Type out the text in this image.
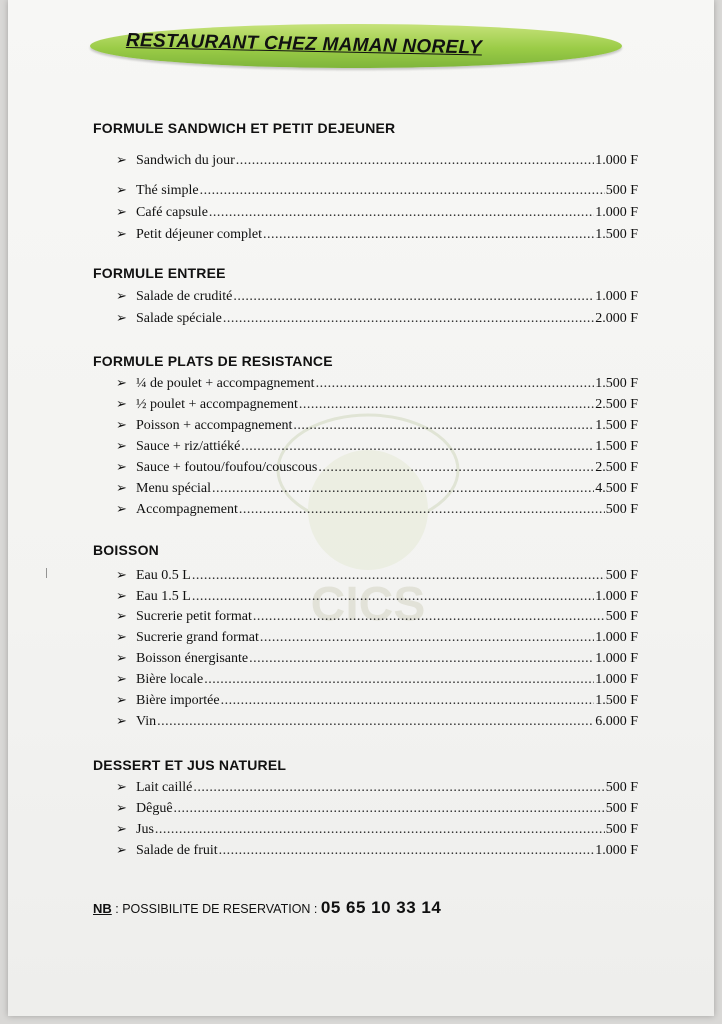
RESTAURANT CHEZ MAMAN NORELY
CICS
FORMULE SANDWICH ET PETIT DEJEUNER
➢ Sandwich du jour .....	1.000 F
➢ Thé simple .....	500 F
➢ Café capsule .....	1.000 F
➢ Petit déjeuner complet .....	1.500 F
FORMULE ENTREE
➢ Salade de crudité .....	1.000 F
➢ Salade spéciale .....	2.000 F
FORMULE PLATS DE RESISTANCE
➢ ¼ de poulet + accompagnement .....	1.500 F
➢ ½ poulet + accompagnement .....	2.500 F
➢ Poisson + accompagnement .....	1.500 F
➢ Sauce + riz/attiéké .....	1.500 F
➢ Sauce + foutou/foufou/couscous .....	2.500 F
➢ Menu spécial .....	4.500 F
➢ Accompagnement .....	500 F
BOISSON
➢ Eau 0.5 L .....	500 F
➢ Eau 1.5 L .....	1.000 F
➢ Sucrerie petit format .....	500 F
➢ Sucrerie grand format .....	1.000 F
➢ Boisson énergisante .....	1.000 F
➢ Bière locale .....	1.000 F
➢ Bière importée .....	1.500 F
➢ Vin .....	6.000 F
DESSERT ET JUS NATUREL
➢ Lait caillé .....	500 F
➢ Dêguê .....	500 F
➢ Jus .....	500 F
➢ Salade de fruit .....	1.000 F
NB : POSSIBILITE DE RESERVATION : 05 65 10 33 14
